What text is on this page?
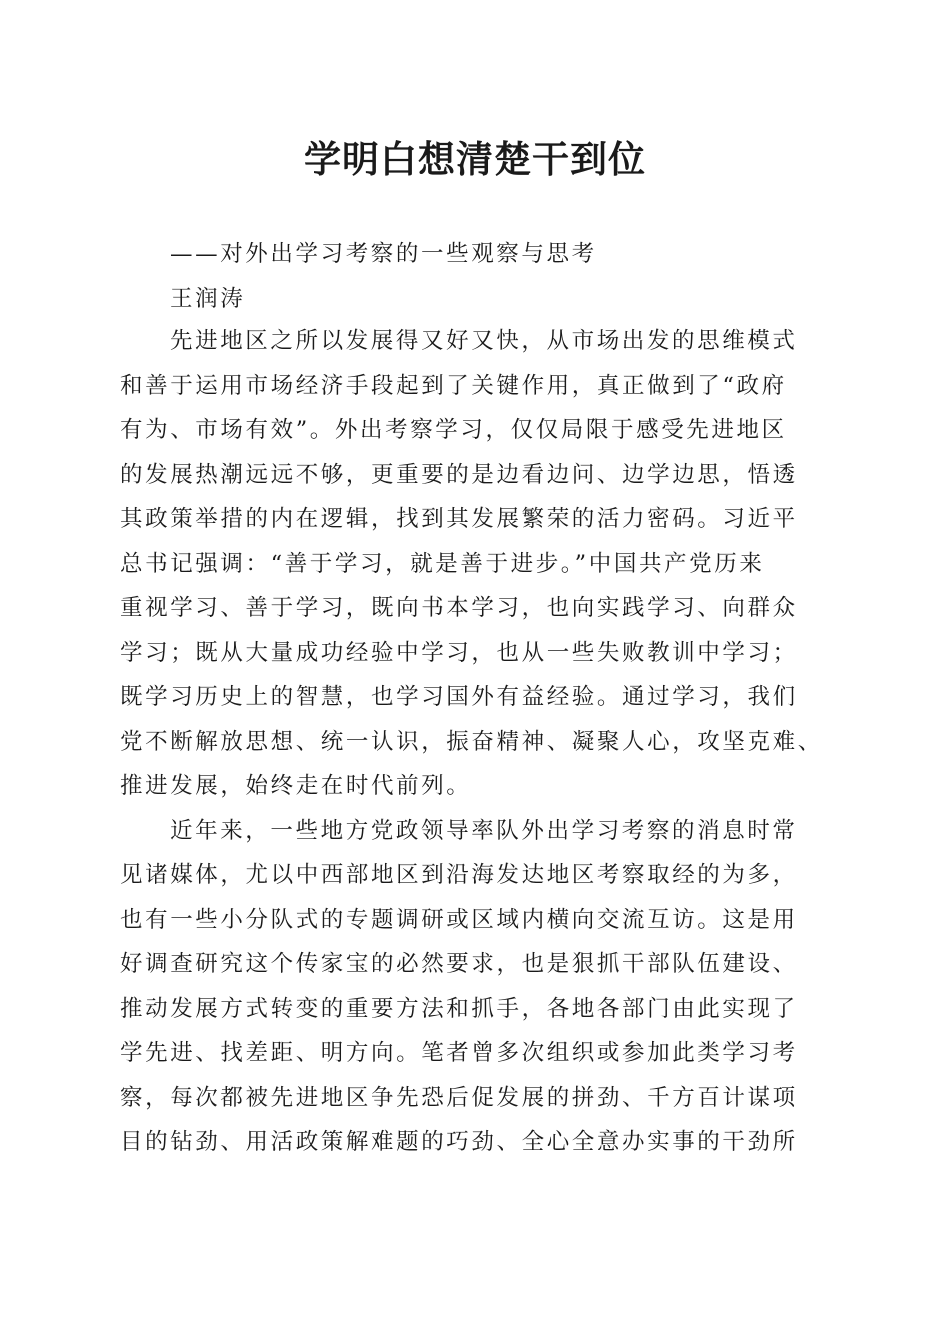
学明白想清楚干到位

——对外出学习考察的一些观察与思考

王润涛

先进地区之所以发展得又好又快，从市场出发的思维模式

和善于运用市场经济手段起到了关键作用，真正做到了“政府

有为、市场有效”。外出考察学习，仅仅局限于感受先进地区

的发展热潮远远不够，更重要的是边看边问、边学边思，悟透

其政策举措的内在逻辑，找到其发展繁荣的活力密码。习近平

总书记强调：“善于学习，就是善于进步。”中国共产党历来

重视学习、善于学习，既向书本学习，也向实践学习、向群众

学习；既从大量成功经验中学习，也从一些失败教训中学习；

既学习历史上的智慧，也学习国外有益经验。通过学习，我们

党不断解放思想、统一认识，振奋精神、凝聚人心，攻坚克难、

推进发展，始终走在时代前列。

近年来，一些地方党政领导率队外出学习考察的消息时常

见诸媒体，尤以中西部地区到沿海发达地区考察取经的为多，

也有一些小分队式的专题调研或区域内横向交流互访。这是用

好调查研究这个传家宝的必然要求，也是狠抓干部队伍建设、

推动发展方式转变的重要方法和抓手，各地各部门由此实现了

学先进、找差距、明方向。笔者曾多次组织或参加此类学习考

察，每次都被先进地区争先恐后促发展的拼劲、千方百计谋项

目的钻劲、用活政策解难题的巧劲、全心全意办实事的干劲所
